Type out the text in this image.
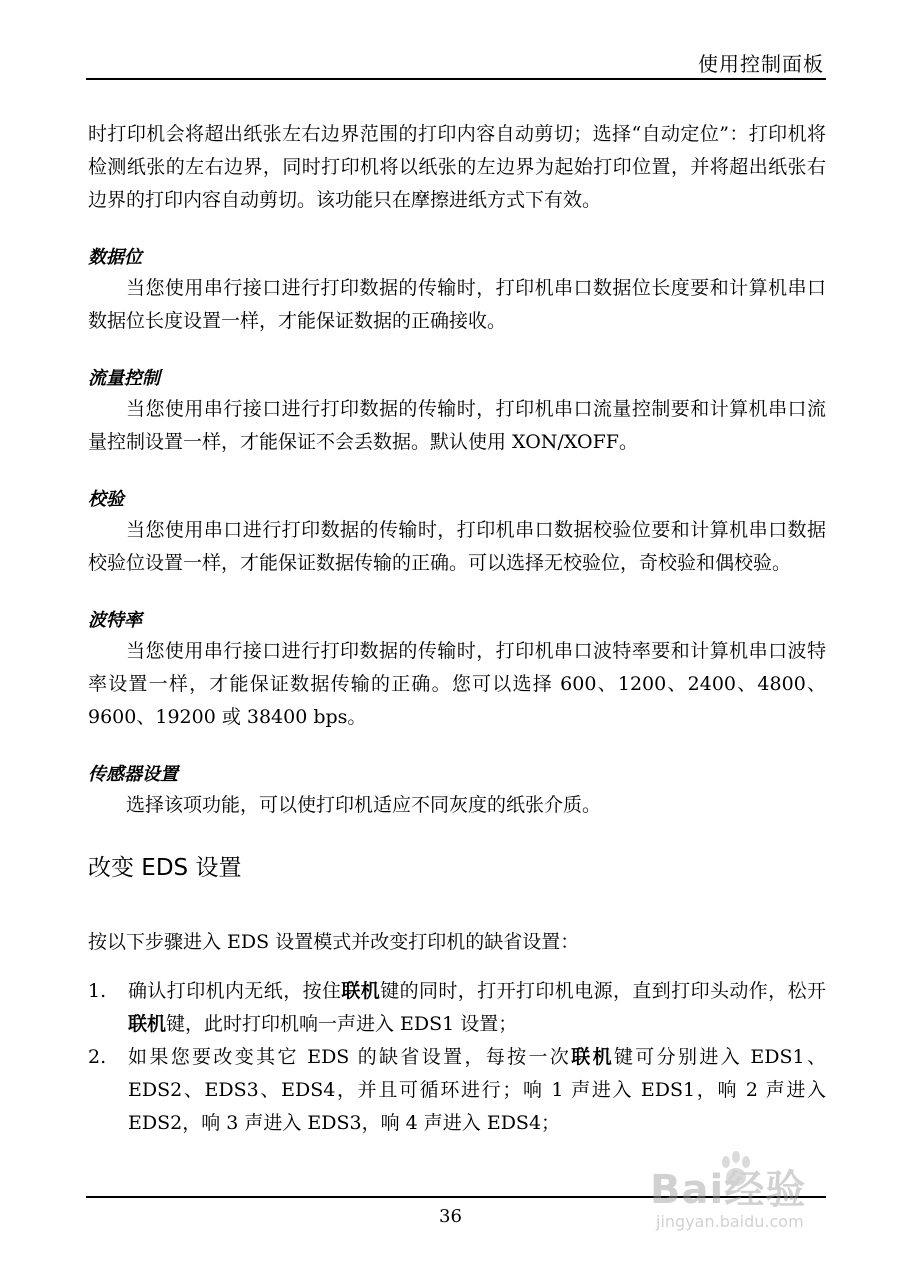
使用控制面板

时打印机会将超出纸张左右边界范围的打印内容自动剪切；选择“自动定位”：打印机将检测纸张的左右边界，同时打印机将以纸张的左边界为起始打印位置，并将超出纸张右边界的打印内容自动剪切。该功能只在摩擦进纸方式下有效。

数据位

当您使用串行接口进行打印数据的传输时，打印机串口数据位长度要和计算机串口数据位长度设置一样，才能保证数据的正确接收。

流量控制

当您使用串行接口进行打印数据的传输时，打印机串口流量控制要和计算机串口流量控制设置一样，才能保证不会丢数据。默认使用 XON/XOFF。

校验

当您使用串口进行打印数据的传输时，打印机串口数据校验位要和计算机串口数据校验位设置一样，才能保证数据传输的正确。可以选择无校验位，奇校验和偶校验。

波特率

当您使用串行接口进行打印数据的传输时，打印机串口波特率要和计算机串口波特率设置一样，才能保证数据传输的正确。您可以选择 600、1200、2400、4800、9600、19200 或 38400 bps。

传感器设置

选择该项功能，可以使打印机适应不同灰度的纸张介质。

改变 EDS 设置

按以下步骤进入 EDS 设置模式并改变打印机的缺省设置：

1. 确认打印机内无纸，按住联机键的同时，打开打印机电源，直到打印头动作，松开联机键，此时打印机响一声进入 EDS1 设置；
2. 如果您要改变其它 EDS 的缺省设置，每按一次联机键可分别进入 EDS1、EDS2、EDS3、EDS4，并且可循环进行；响 1 声进入 EDS1，响 2 声进入 EDS2，响 3 声进入 EDS3，响 4 声进入 EDS4；
36
Bai经验
jingyan.baidu.com
